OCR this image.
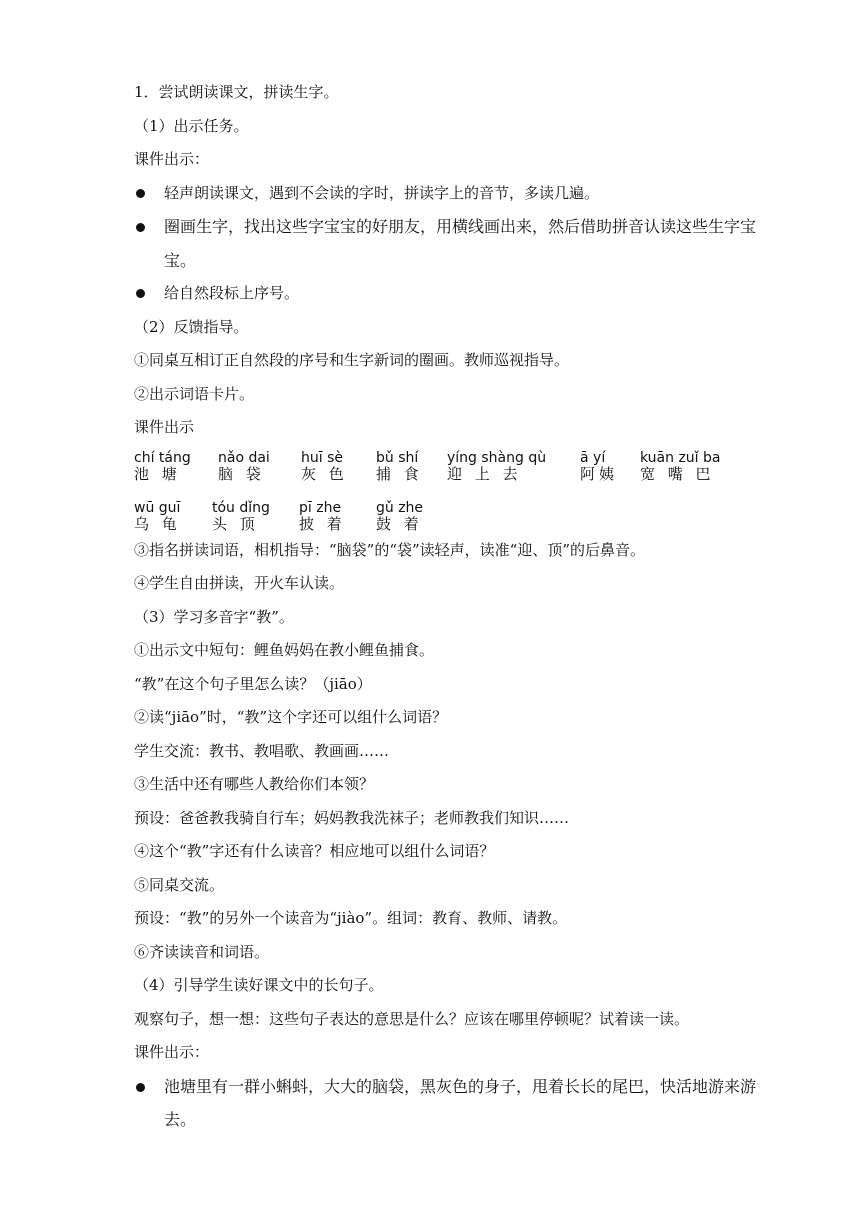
1．尝试朗读课文，拼读生字。
（1）出示任务。
课件出示：
轻声朗读课文，遇到不会读的字时，拼读字上的音节，多读几遍。
圈画生字，找出这些字宝宝的好朋友，用横线画出来，然后借助拼音认读这些生字宝宝。
给自然段标上序号。
（2）反馈指导。
①同桌互相订正自然段的序号和生字新词的圈画。教师巡视指导。
②出示词语卡片。
课件出示
chí táng
池 塘
nǎo dai
脑 袋
huī sè
灰 色
bǔ shí
捕 食
yíng shàng qù
迎 上 去
ā yí
阿姨
kuān zuǐ ba
宽 嘴 巴
wū guī
乌 龟
tóu dǐng
头 顶
pī zhe
披 着
gǔ zhe
鼓 着
③指名拼读词语，相机指导：“脑袋”的“袋”读轻声，读准“迎、顶”的后鼻音。
④学生自由拼读，开火车认读。
（3）学习多音字“教”。
①出示文中短句：鲤鱼妈妈在教小鲤鱼捕食。
“教”在这个句子里怎么读？（jiāo）
②读“jiāo”时，“教”这个字还可以组什么词语？
学生交流：教书、教唱歌、教画画……
③生活中还有哪些人教给你们本领？
预设：爸爸教我骑自行车；妈妈教我洗袜子；老师教我们知识……
④这个“教”字还有什么读音？相应地可以组什么词语？
⑤同桌交流。
预设：“教”的另外一个读音为“jiào”。组词：教育、教师、请教。
⑥齐读读音和词语。
（4）引导学生读好课文中的长句子。
观察句子，想一想：这些句子表达的意思是什么？应该在哪里停顿呢？试着读一读。
课件出示：
池塘里有一群小蝌蚪，大大的脑袋，黑灰色的身子，甩着长长的尾巴，快活地游来游去。
